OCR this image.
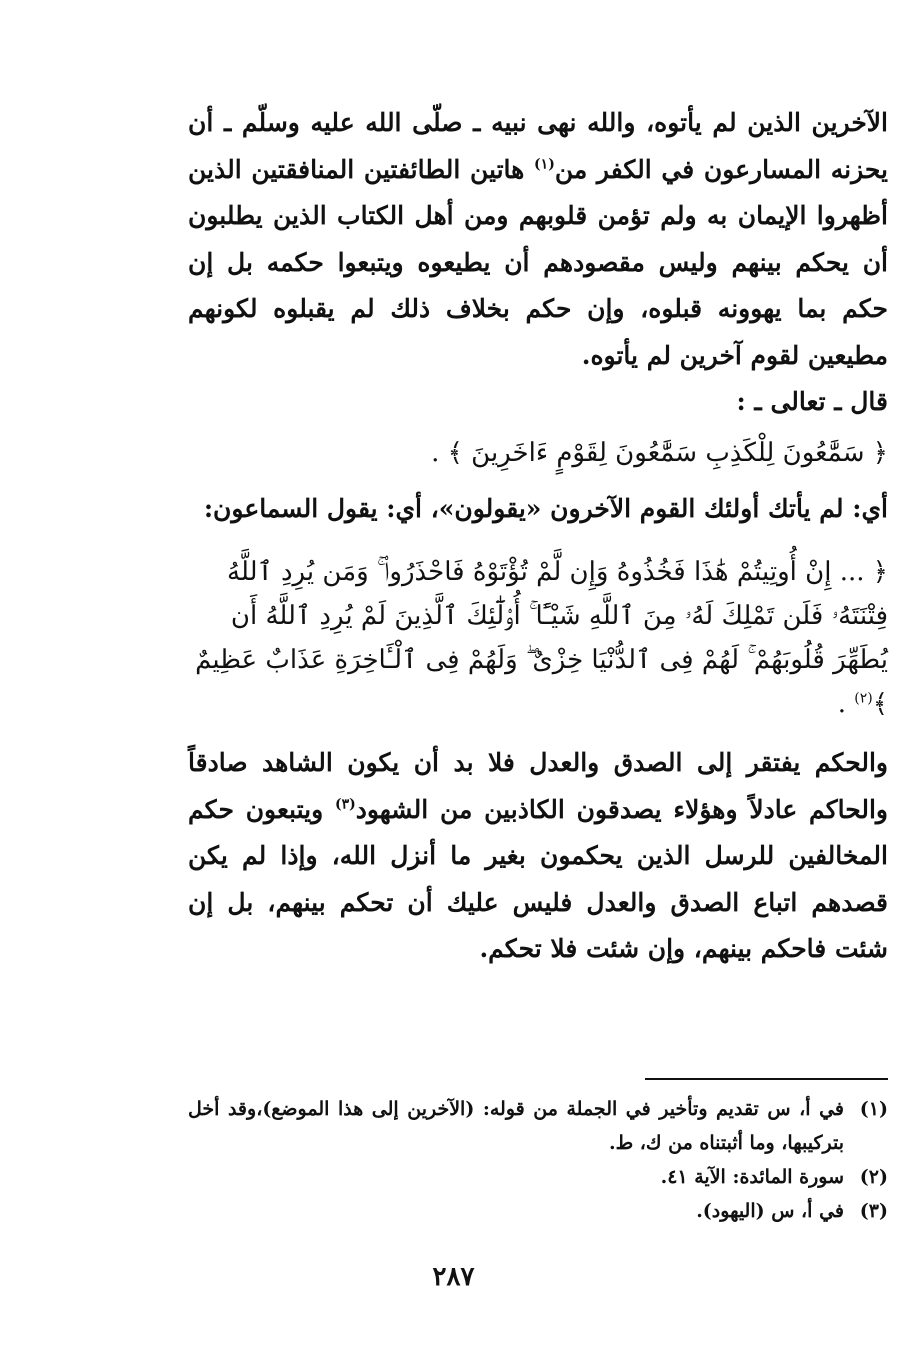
الآخرين الذين لم يأتوه، والله نهى نبيه ـ صلّى الله عليه وسلّم ـ أن يحزنه المسارعون في الكفر من$^{(١)}$ هاتين الطائفتين المنافقتين الذين أظهروا الإيمان به ولم تؤمن قلوبهم ومن أهل الكتاب الذين يطلبون أن يحكم بينهم وليس مقصودهم أن يطيعوه ويتبعوا حكمه بل إن حكم بما يهوونه قبلوه، وإن حكم بخلاف ذلك لم يقبلوه لكونهم مطيعين لقوم آخرين لم يأتوه.

قال ـ تعالى ـ :

﴿ سَمَّٰعُونَ لِلْكَذِبِ سَمَّٰعُونَ لِقَوْمٍ ءَاخَرِينَ ﴾ .

أي: لم يأتك أولئك القوم الآخرون «يقولون»، أي: يقول السماعون:

﴿ ... إِنْ أُوتِيتُمْ هَٰذَا فَخُذُوهُ وَإِن لَّمْ تُؤْتَوْهُ فَاحْذَرُوا۟ ۚ وَمَن يُرِدِ ٱللَّهُ فِتْنَتَهُۥ فَلَن تَمْلِكَ لَهُۥ مِنَ ٱللَّهِ شَيْـًٔا ۚ أُو۟لَٰٓئِكَ ٱلَّذِينَ لَمْ يُرِدِ ٱللَّهُ أَن يُطَهِّرَ قُلُوبَهُمْ ۚ لَهُمْ فِى ٱلدُّنْيَا خِزْىٌ ۖ وَلَهُمْ فِى ٱلْـَٔاخِرَةِ عَذَابٌ عَظِيمٌ ﴾$^{(٢)}$ .

والحكم يفتقر إلى الصدق والعدل فلا بد أن يكون الشاهد صادقاً والحاكم عادلاً وهؤلاء يصدقون الكاذبين من الشهود$^{(٣)}$ ويتبعون حكم المخالفين للرسل الذين يحكمون بغير ما أنزل الله، وإذا لم يكن قصدهم اتباع الصدق والعدل فليس عليك أن تحكم بينهم، بل إن شئت فاحكم بينهم، وإن شئت فلا تحكم.

(١)
في أ، س تقديم وتأخير في الجملة من قوله: (الآخرين إلى هذا الموضع)،وقد أخل بتركيبها، وما أثبتناه من ك، ط.

(٢)
سورة المائدة: الآية ٤١.

(٣)
في أ، س (اليهود).

٢٨٧
